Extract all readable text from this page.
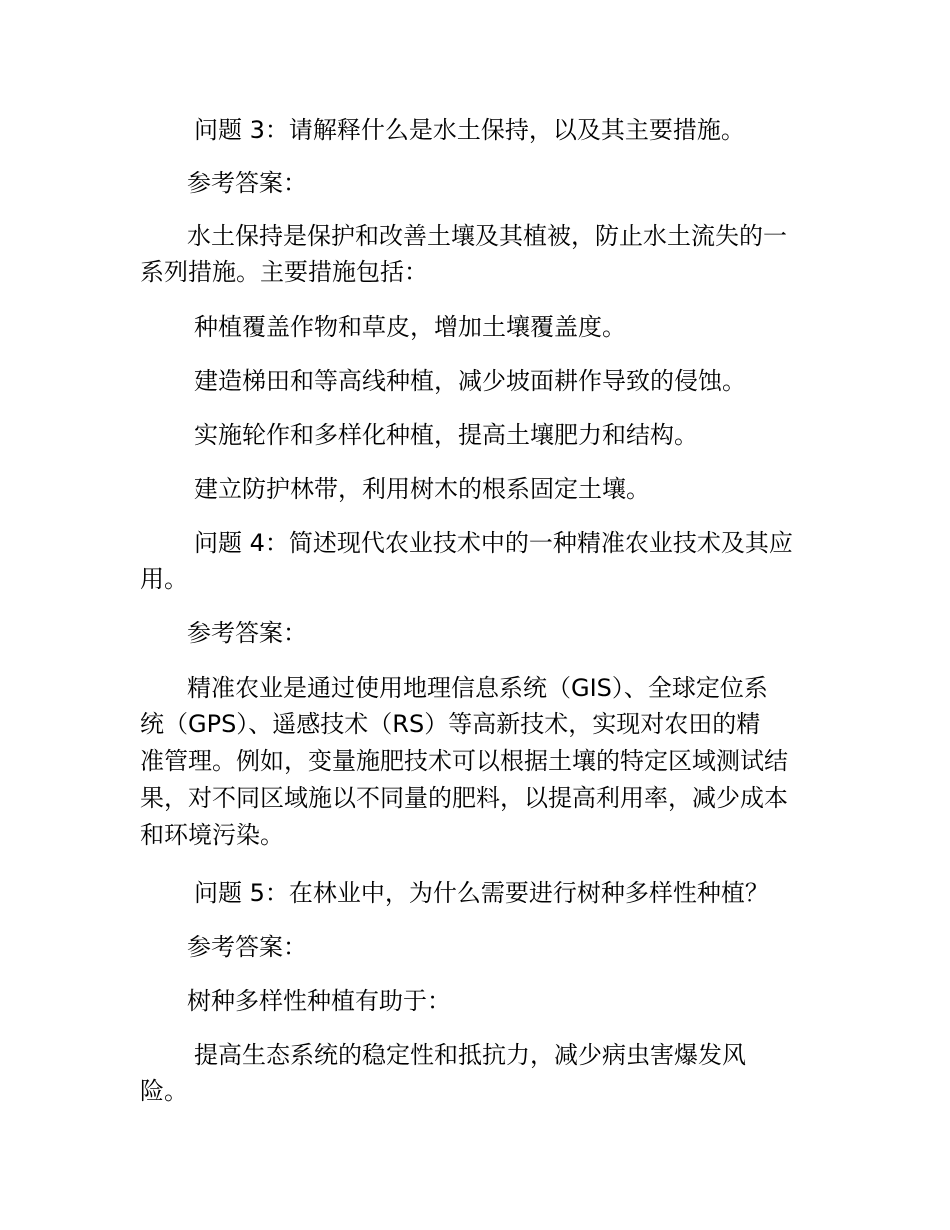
问题 3：请解释什么是水土保持，以及其主要措施。

参考答案：

水土保持是保护和改善土壤及其植被，防止水土流失的一

系列措施。主要措施包括：

种植覆盖作物和草皮，增加土壤覆盖度。

建造梯田和等高线种植，减少坡面耕作导致的侵蚀。

实施轮作和多样化种植，提高土壤肥力和结构。

建立防护林带，利用树木的根系固定土壤。

问题 4：简述现代农业技术中的一种精准农业技术及其应

用。

参考答案：

精准农业是通过使用地理信息系统（GIS）、全球定位系

统（GPS）、遥感技术（RS）等高新技术，实现对农田的精

准管理。例如，变量施肥技术可以根据土壤的特定区域测试结

果，对不同区域施以不同量的肥料，以提高利用率，减少成本

和环境污染。

问题 5：在林业中，为什么需要进行树种多样性种植？

参考答案：

树种多样性种植有助于：

提高生态系统的稳定性和抵抗力，减少病虫害爆发风

险。
